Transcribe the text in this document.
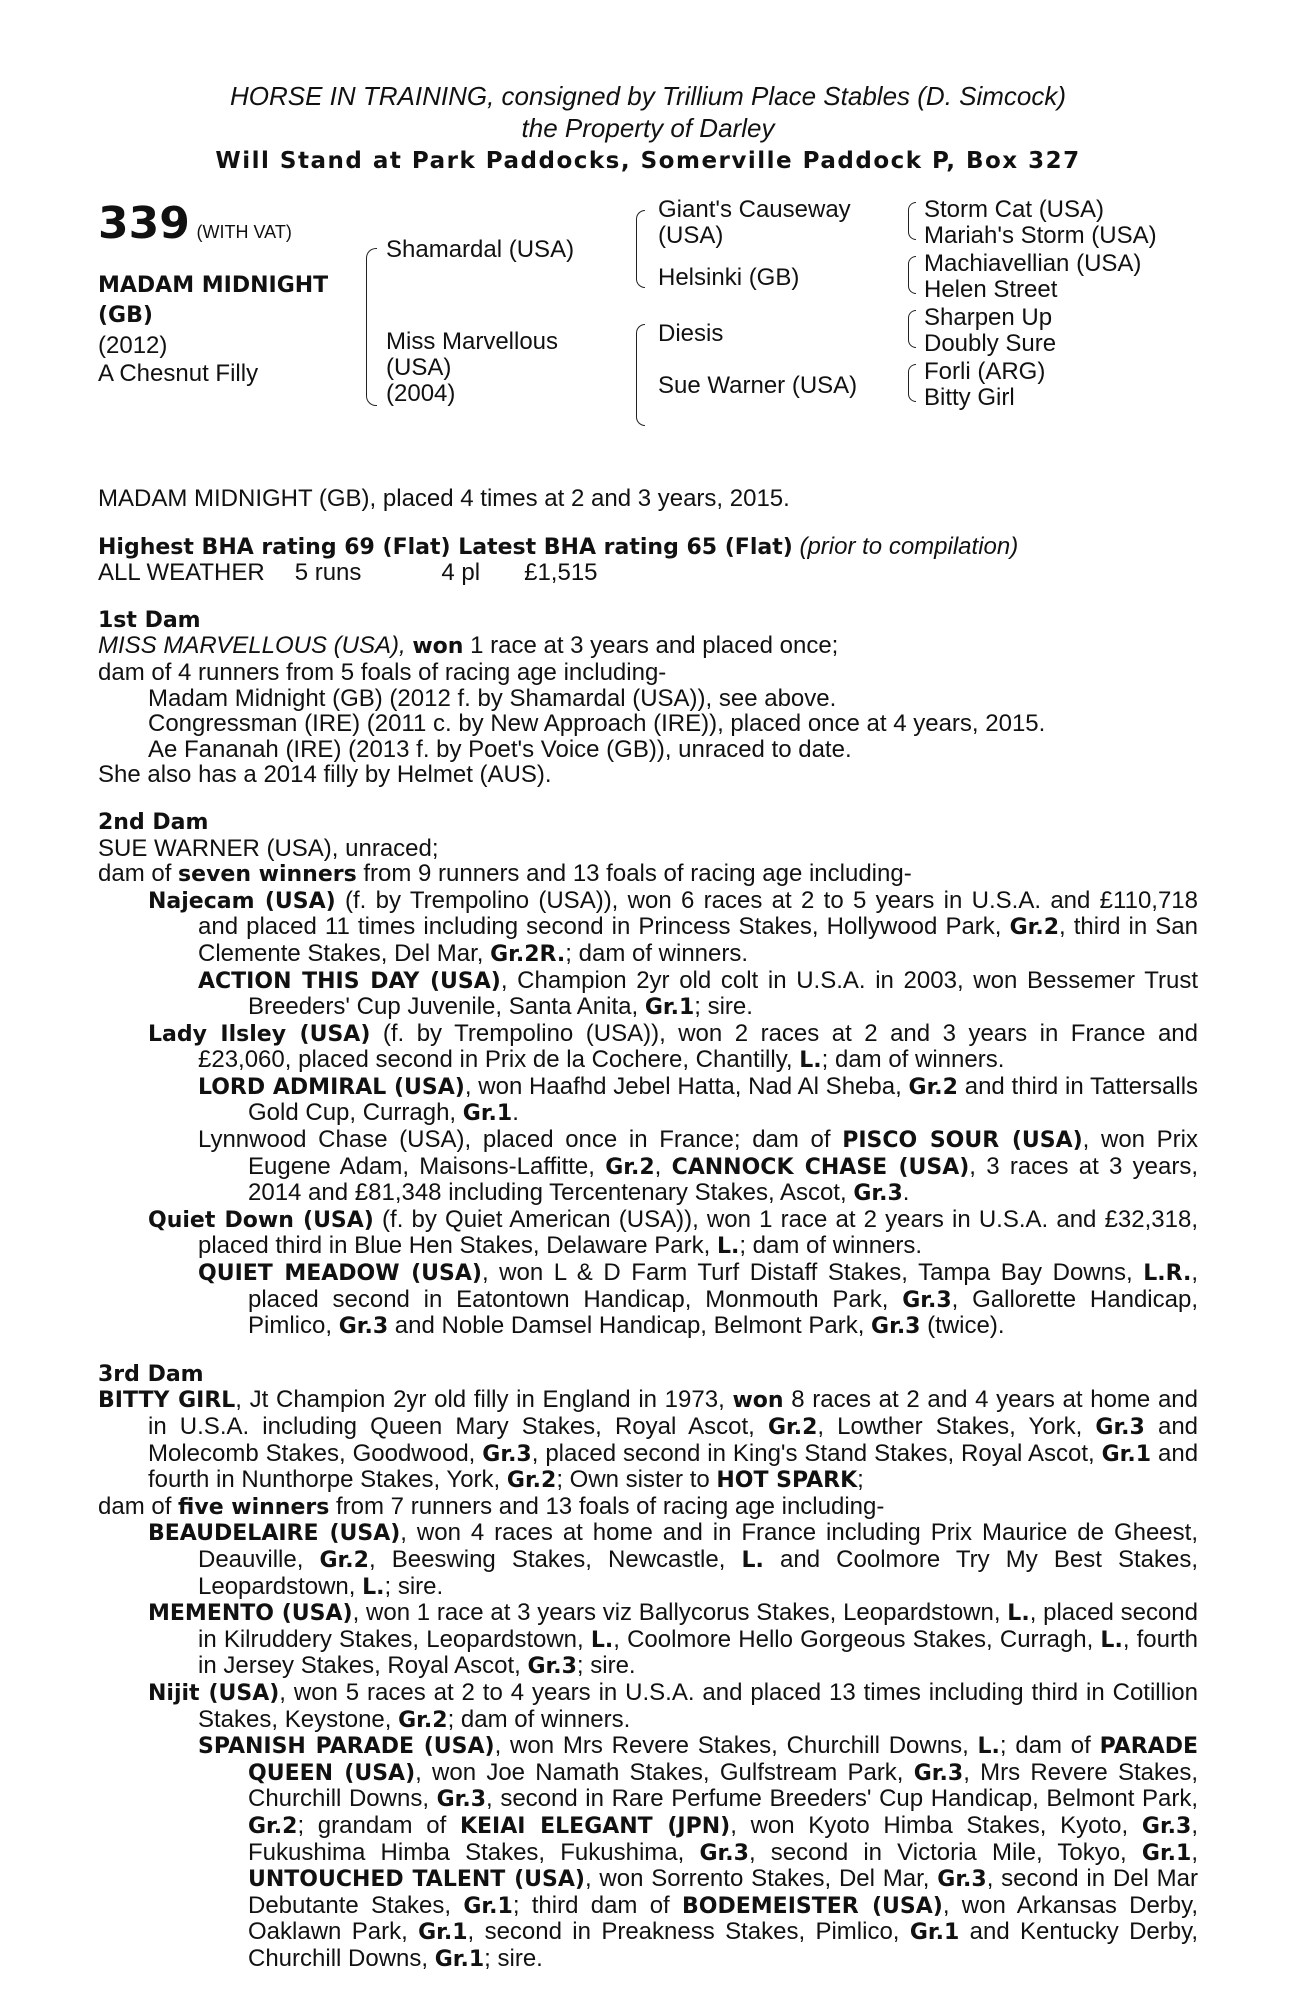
HORSE IN TRAINING, consigned by Trillium Place Stables (D. Simcock)
the Property of Darley
Will Stand at Park Paddocks, Somerville Paddock P, Box 327
339 (WITH VAT)
MADAM MIDNIGHT
(GB)
(2012)
A Chesnut Filly
Shamardal (USA)
Miss Marvellous
(USA)
(2004)
Giant's Causeway
(USA)
Helsinki (GB)
Diesis
Sue Warner (USA)
Storm Cat (USA)
Mariah's Storm (USA)
Machiavellian (USA)
Helen Street
Sharpen Up
Doubly Sure
Forli (ARG)
Bitty Girl

MADAM MIDNIGHT (GB), placed 4 times at 2 and 3 years, 2015.

Highest BHA rating 69 (Flat) Latest BHA rating 65 (Flat) (prior to compilation)

ALL WEATHER 5 runs	4 pl £1,515

1st Dam

MISS MARVELLOUS (USA), won 1 race at 3 years and placed once;

dam of 4 runners from 5 foals of racing age including-

Madam Midnight (GB) (2012 f. by Shamardal (USA)), see above.

Congressman (IRE) (2011 c. by New Approach (IRE)), placed once at 4 years, 2015.

Ae Fananah (IRE) (2013 f. by Poet's Voice (GB)), unraced to date.

She also has a 2014 filly by Helmet (AUS).

2nd Dam

SUE WARNER (USA), unraced;

dam of seven winners from 9 runners and 13 foals of racing age including-

Najecam (USA) (f. by Trempolino (USA)), won 6 races at 2 to 5 years in U.S.A. and £110,718 and placed 11 times including second in Princess Stakes, Hollywood Park, Gr.2, third in San Clemente Stakes, Del Mar, Gr.2R.; dam of winners.

ACTION THIS DAY (USA), Champion 2yr old colt in U.S.A. in 2003, won Bessemer Trust Breeders' Cup Juvenile, Santa Anita, Gr.1; sire.

Lady Ilsley (USA) (f. by Trempolino (USA)), won 2 races at 2 and 3 years in France and £23,060, placed second in Prix de la Cochere, Chantilly, L.; dam of winners.

LORD ADMIRAL (USA), won Haafhd Jebel Hatta, Nad Al Sheba, Gr.2 and third in Tattersalls Gold Cup, Curragh, Gr.1.

Lynnwood Chase (USA), placed once in France; dam of PISCO SOUR (USA), won Prix Eugene Adam, Maisons-Laffitte, Gr.2, CANNOCK CHASE (USA), 3 races at 3 years, 2014 and £81,348 including Tercentenary Stakes, Ascot, Gr.3.

Quiet Down (USA) (f. by Quiet American (USA)), won 1 race at 2 years in U.S.A. and £32,318, placed third in Blue Hen Stakes, Delaware Park, L.; dam of winners.

QUIET MEADOW (USA), won L & D Farm Turf Distaff Stakes, Tampa Bay Downs, L.R., placed second in Eatontown Handicap, Monmouth Park, Gr.3, Gallorette Handicap, Pimlico, Gr.3 and Noble Damsel Handicap, Belmont Park, Gr.3 (twice).

3rd Dam

BITTY GIRL, Jt Champion 2yr old filly in England in 1973, won 8 races at 2 and 4 years at home and in U.S.A. including Queen Mary Stakes, Royal Ascot, Gr.2, Lowther Stakes, York, Gr.3 and Molecomb Stakes, Goodwood, Gr.3, placed second in King's Stand Stakes, Royal Ascot, Gr.1 and fourth in Nunthorpe Stakes, York, Gr.2; Own sister to HOT SPARK;

dam of five winners from 7 runners and 13 foals of racing age including-

BEAUDELAIRE (USA), won 4 races at home and in France including Prix Maurice de Gheest, Deauville, Gr.2, Beeswing Stakes, Newcastle, L. and Coolmore Try My Best Stakes, Leopardstown, L.; sire.

MEMENTO (USA), won 1 race at 3 years viz Ballycorus Stakes, Leopardstown, L., placed second in Kilruddery Stakes, Leopardstown, L., Coolmore Hello Gorgeous Stakes, Curragh, L., fourth in Jersey Stakes, Royal Ascot, Gr.3; sire.

Nijit (USA), won 5 races at 2 to 4 years in U.S.A. and placed 13 times including third in Cotillion Stakes, Keystone, Gr.2; dam of winners.

SPANISH PARADE (USA), won Mrs Revere Stakes, Churchill Downs, L.; dam of PARADE QUEEN (USA), won Joe Namath Stakes, Gulfstream Park, Gr.3, Mrs Revere Stakes, Churchill Downs, Gr.3, second in Rare Perfume Breeders' Cup Handicap, Belmont Park, Gr.2; grandam of KEIAI ELEGANT (JPN), won Kyoto Himba Stakes, Kyoto, Gr.3, Fukushima Himba Stakes, Fukushima, Gr.3, second in Victoria Mile, Tokyo, Gr.1, UNTOUCHED TALENT (USA), won Sorrento Stakes, Del Mar, Gr.3, second in Del Mar Debutante Stakes, Gr.1; third dam of BODEMEISTER (USA), won Arkansas Derby, Oaklawn Park, Gr.1, second in Preakness Stakes, Pimlico, Gr.1 and Kentucky Derby, Churchill Downs, Gr.1; sire.
